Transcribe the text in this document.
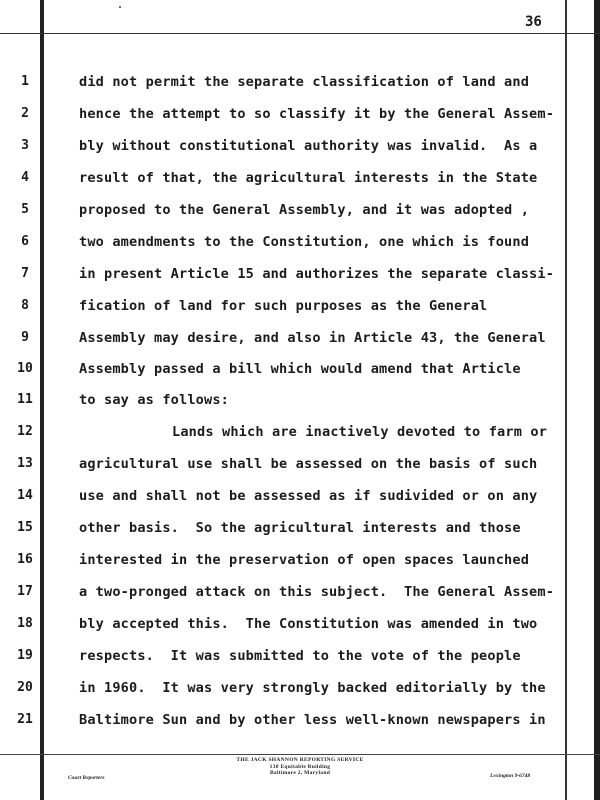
36
1
2
3
4
5
6
7
8
9
10
11
12
13
14
15
16
17
18
19
20
21
did not permit the separate classification of land and
hence the attempt to so classify it by the General Assem-
bly without constitutional authority was invalid.  As a
result of that, the agricultural interests in the State
proposed to the General Assembly, and it was adopted ,
two amendments to the Constitution, one which is found
in present Article 15 and authorizes the separate classi-
fication of land for such purposes as the General
Assembly may desire, and also in Article 43, the General
Assembly passed a bill which would amend that Article
to say as follows:
Lands which are inactively devoted to farm or
agricultural use shall be assessed on the basis of such
use and shall not be assessed as if sudivided or on any
other basis.  So the agricultural interests and those
interested in the preservation of open spaces launched
a two-pronged attack on this subject.  The General Assem-
bly accepted this.  The Constitution was amended in two
respects.  It was submitted to the vote of the people
in 1960.  It was very strongly backed editorially by the
Baltimore Sun and by other less well-known newspapers in
THE JACK SHANNON REPORTING SERVICE
130 Equitable Building
Baltimore 2, Maryland
Court Reporters	Lexington 9-6748
